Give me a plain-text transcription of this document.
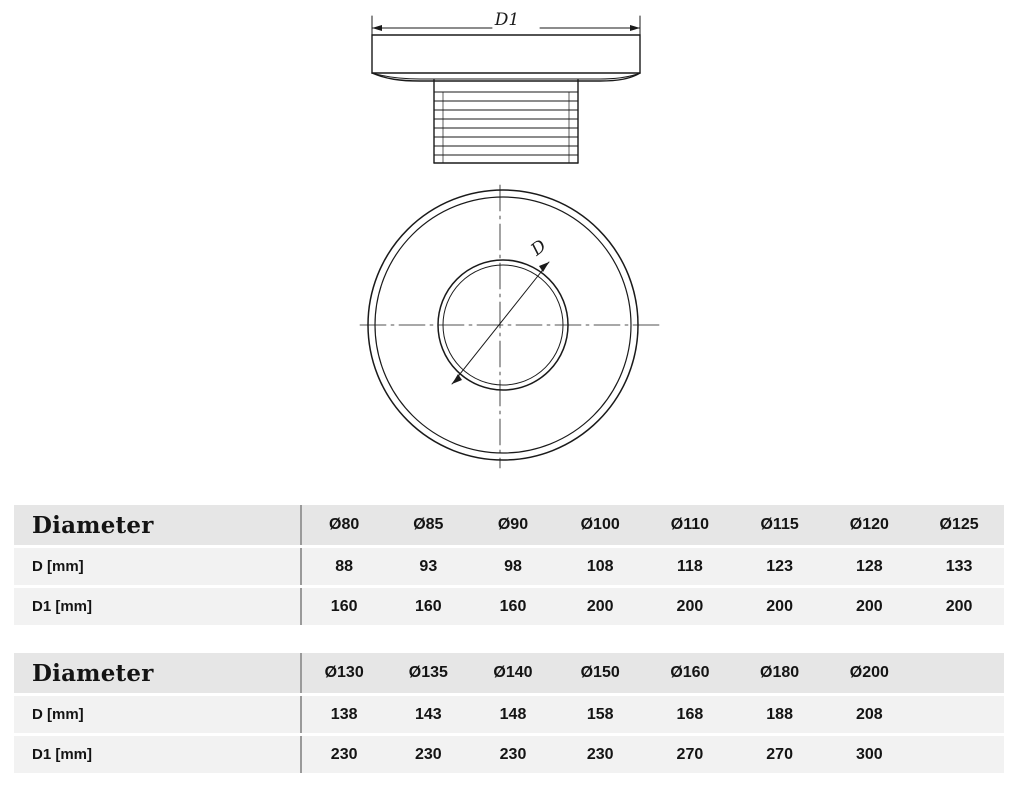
D1
D
Diameter	Ø80	Ø85	Ø90	Ø100	Ø110	Ø115	Ø120	Ø125

D [mm]	88	93	98	108	118	123	128	133

D1 [mm]	160	160	160	200	200	200	200	200
Diameter	Ø130	Ø135	Ø140	Ø150	Ø160	Ø180	Ø200	

D [mm]	138	143	148	158	168	188	208	

D1 [mm]	230	230	230	230	270	270	300	
